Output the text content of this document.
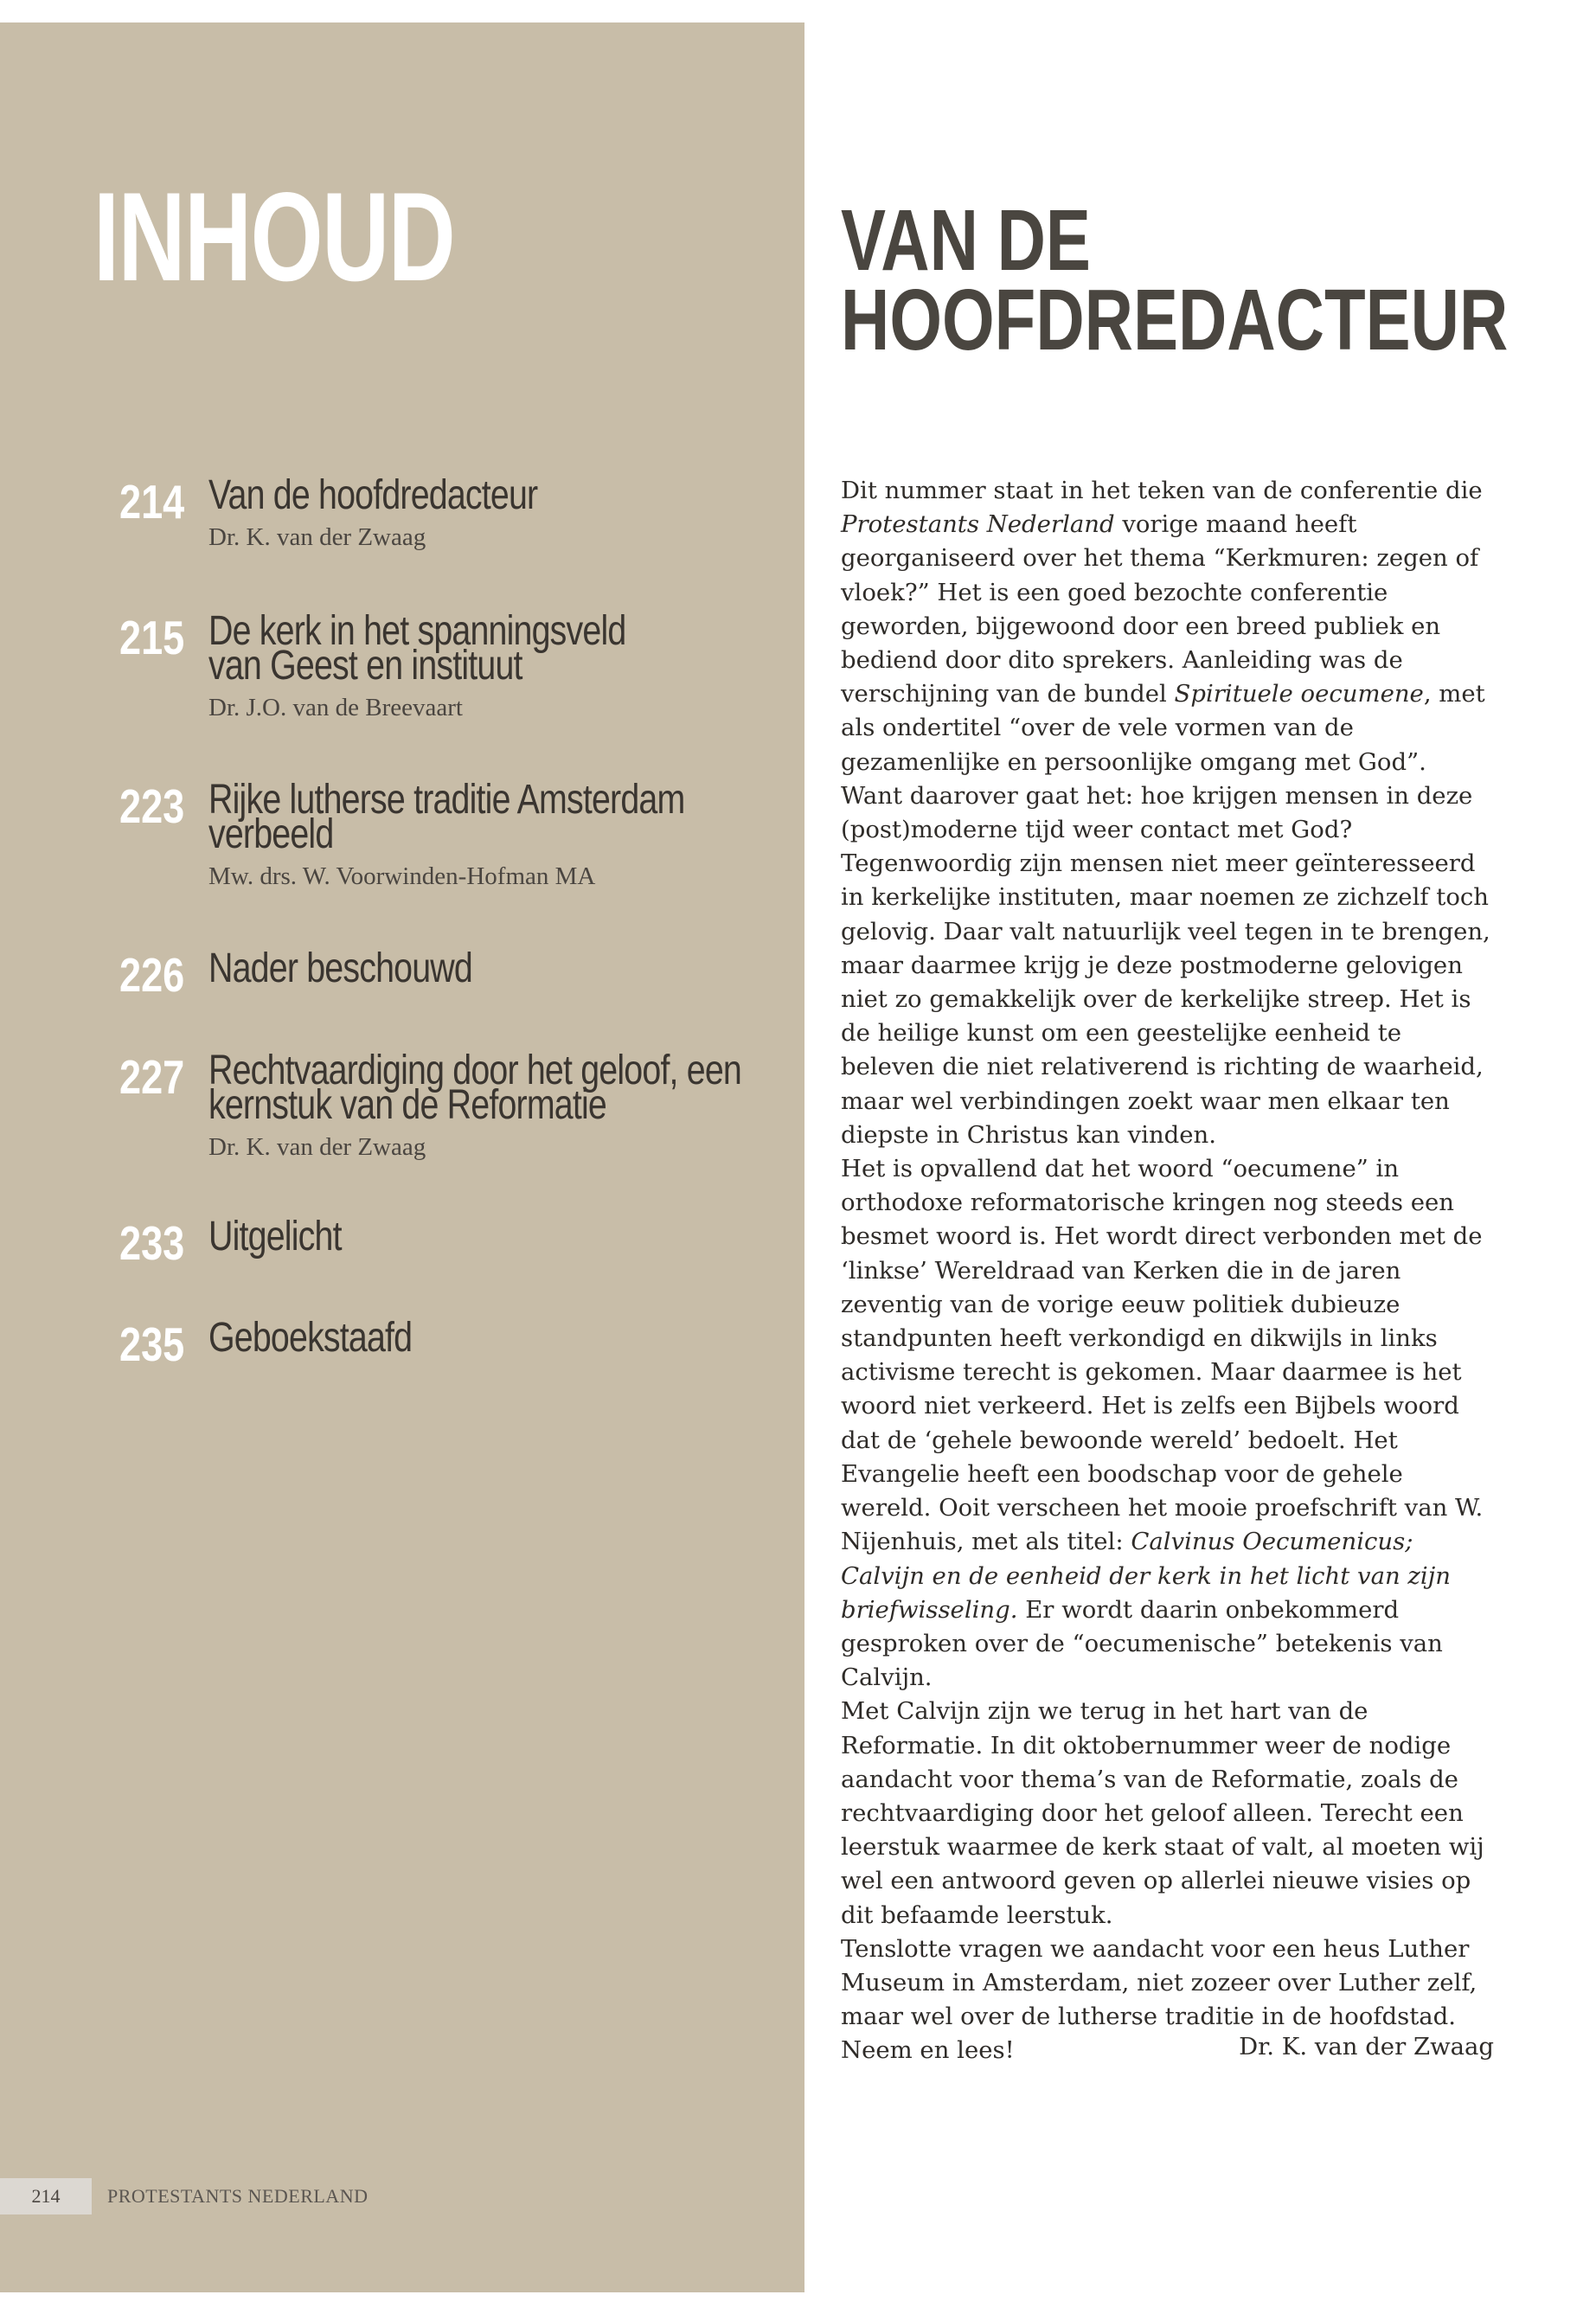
INHOUD
214 Van de hoofdredacteur
Dr. K. van der Zwaag
215 De kerk in het spanningsveld
van Geest en instituut
Dr. J.O. van de Breevaart
223 Rijke lutherse traditie Amsterdam
verbeeld
Mw. drs. W. Voorwinden-Hofman MA
226 Nader beschouwd
227 Rechtvaardiging door het geloof, een
kernstuk van de Reformatie
Dr. K. van der Zwaag
233 Uitgelicht
235 Geboekstaafd
214	PROTESTANTS NEDERLAND
VAN DE
HOOFDREDACTEUR

Dit nummer staat in het teken van de conferentie die Protestants Nederland vorige maand heeft georganiseerd over het thema “Kerkmuren: zegen of vloek?” Het is een goed bezochte conferentie geworden, bijgewoond door een breed publiek en bediend door dito sprekers. Aanleiding was de verschijning van de bundel Spirituele oecumene, met als ondertitel “over de vele vormen van de gezamenlijke en persoonlijke omgang met God”.

Want daarover gaat het: hoe krijgen mensen in deze (post)moderne tijd weer contact met God? Tegenwoordig zijn mensen niet meer geïnteresseerd in kerkelijke instituten, maar noemen ze zichzelf toch gelovig. Daar valt natuurlijk veel tegen in te brengen, maar daarmee krijg je deze postmoderne gelovigen niet zo gemakkelijk over de kerkelijke streep. Het is de heilige kunst om een geestelijke eenheid te beleven die niet relativerend is richting de waarheid, maar wel verbindingen zoekt waar men elkaar ten diepste in Christus kan vinden.

Het is opvallend dat het woord “oecumene” in orthodoxe reformatorische kringen nog steeds een besmet woord is. Het wordt direct verbonden met de ‘linkse’ Wereldraad van Kerken die in de jaren zeventig van de vorige eeuw politiek dubieuze standpunten heeft verkondigd en dikwijls in links activisme terecht is gekomen. Maar daarmee is het woord niet verkeerd. Het is zelfs een Bijbels woord dat de ‘gehele bewoonde wereld’ bedoelt. Het Evangelie heeft een boodschap voor de gehele wereld. Ooit verscheen het mooie proefschrift van W. Nijenhuis, met als titel: Calvinus Oecumenicus; Calvijn en de eenheid der kerk in het licht van zijn briefwisseling. Er wordt daarin onbekommerd gesproken over de “oecumenische” betekenis van Calvijn.

Met Calvijn zijn we terug in het hart van de Reformatie. In dit oktobernummer weer de nodige aandacht voor thema’s van de Reformatie, zoals de rechtvaardiging door het geloof alleen. Terecht een leerstuk waarmee de kerk staat of valt, al moeten wij wel een antwoord geven op allerlei nieuwe visies op dit befaamde leerstuk.

Tenslotte vragen we aandacht voor een heus Luther Museum in Amsterdam, niet zozeer over Luther zelf, maar wel over de lutherse traditie in de hoofdstad. Neem en lees!	Dr. K. van der Zwaag
